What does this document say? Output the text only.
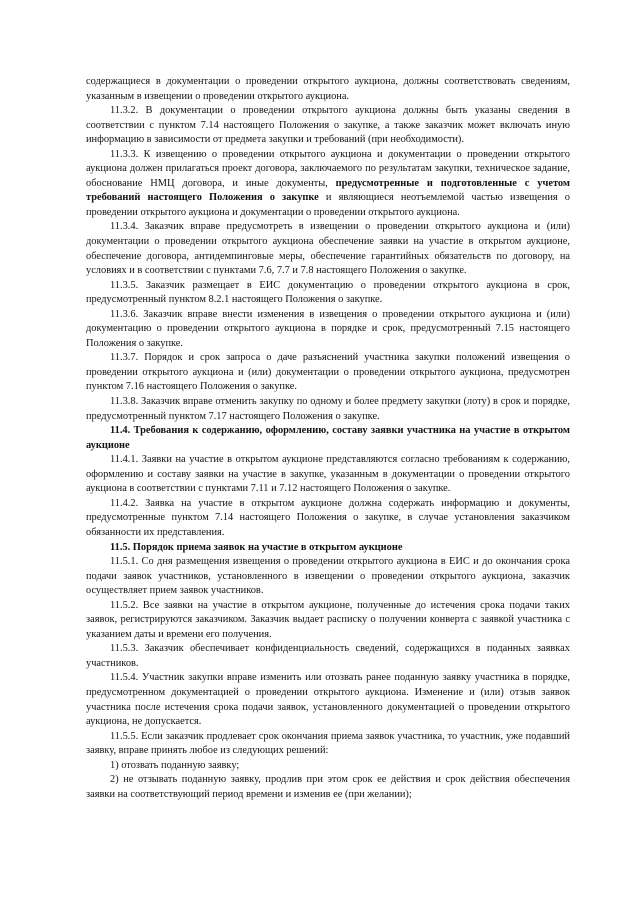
содержащиеся в документации о проведении открытого аукциона, должны соответствовать сведениям, указанным в извещении о проведении открытого аукциона.

11.3.2. В документации о проведении открытого аукциона должны быть указаны сведения в соответствии с пунктом 7.14 настоящего Положения о закупке, а также заказчик может включать иную информацию в зависимости от предмета закупки и требований (при необходимости).

11.3.3. К извещению о проведении открытого аукциона и документации о проведении открытого аукциона должен прилагаться проект договора, заключаемого по результатам закупки, техническое задание, обоснование НМЦ договора, и иные документы, предусмотренные и подготовленные с учетом требований настоящего Положения о закупке и являющиеся неотъемлемой частью извещения о проведении открытого аукциона и документации о проведении открытого аукциона.

11.3.4. Заказчик вправе предусмотреть в извещении о проведении открытого аукциона и (или) документации о проведении открытого аукциона обеспечение заявки на участие в открытом аукционе, обеспечение договора, антидемпинговые меры, обеспечение гарантийных обязательств по договору, на условиях и в соответствии с пунктами 7.6, 7.7 и 7.8 настоящего Положения о закупке.

11.3.5. Заказчик размещает в ЕИС документацию о проведении открытого аукциона в срок, предусмотренный пунктом 8.2.1 настоящего Положения о закупке.

11.3.6. Заказчик вправе внести изменения в извещения о проведении открытого аукциона и (или) документацию о проведении открытого аукциона в порядке и срок, предусмотренный 7.15 настоящего Положения о закупке.

11.3.7. Порядок и срок запроса о даче разъяснений участника закупки положений извещения о проведении открытого аукциона и (или) документации о проведении открытого аукциона, предусмотрен пунктом 7.16 настоящего Положения о закупке.

11.3.8. Заказчик вправе отменить закупку по одному и более предмету закупки (лоту) в срок и порядке, предусмотренный пунктом 7.17 настоящего Положения о закупке.

11.4. Требования к содержанию, оформлению, составу заявки участника на участие в открытом аукционе

11.4.1. Заявки на участие в открытом аукционе представляются согласно требованиям к содержанию, оформлению и составу заявки на участие в закупке, указанным в документации о проведении открытого аукциона в соответствии с пунктами 7.11 и 7.12 настоящего Положения о закупке.

11.4.2. Заявка на участие в открытом аукционе должна содержать информацию и документы, предусмотренные пунктом 7.14 настоящего Положения о закупке, в случае установления заказчиком обязанности их представления.

11.5. Порядок приема заявок на участие в открытом аукционе

11.5.1. Со дня размещения извещения о проведении открытого аукциона в ЕИС и до окончания срока подачи заявок участников, установленного в извещении о проведении открытого аукциона, заказчик осуществляет прием заявок участников.

11.5.2. Все заявки на участие в открытом аукционе, полученные до истечения срока подачи таких заявок, регистрируются заказчиком. Заказчик выдает расписку о получении конверта с заявкой участника с указанием даты и времени его получения.

11.5.3. Заказчик обеспечивает конфиденциальность сведений, содержащихся в поданных заявках участников.

11.5.4. Участник закупки вправе изменить или отозвать ранее поданную заявку участника в порядке, предусмотренном документацией о проведении открытого аукциона. Изменение и (или) отзыв заявок участника после истечения срока подачи заявок, установленного документацией о проведении открытого аукциона, не допускается.

11.5.5. Если заказчик продлевает срок окончания приема заявок участника, то участник, уже подавший заявку, вправе принять любое из следующих решений:

1) отозвать поданную заявку;

2) не отзывать поданную заявку, продлив при этом срок ее действия и срок действия обеспечения заявки на соответствующий период времени и изменив ее (при желании);
